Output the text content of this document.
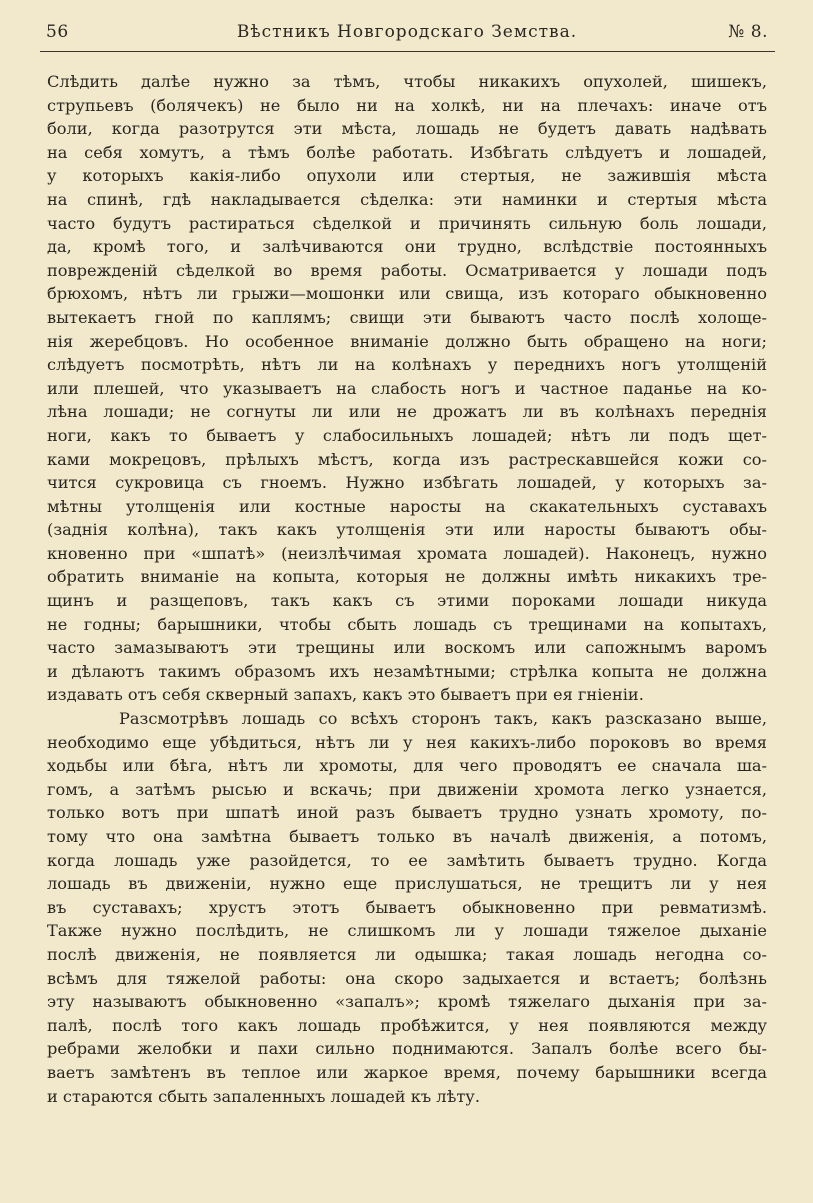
56	Вѣстникъ Новгородскаго Земства.	№ 8.
Слѣдить далѣе нужно за тѣмъ, чтобы никакихъ опухолей, шишекъ,
струпьевъ (болячекъ) не было ни на холкѣ, ни на плечахъ: иначе отъ
боли, когда разотрутся эти мѣста, лошадь не будетъ давать надѣвать
на себя хомутъ, а тѣмъ болѣе работать. Избѣгать слѣдуетъ и лошадей,
у которыхъ какія-либо опухоли или стертыя, не зажившія мѣста
на спинѣ, гдѣ накладывается сѣделка: эти наминки и стертыя мѣста
часто будутъ растираться сѣделкой и причинять сильную боль лошади,
да, кромѣ того, и залѣчиваются они трудно, вслѣдствіе постоянныхъ
поврежденій сѣделкой во время работы. Осматривается у лошади подъ
брюхомъ, нѣтъ ли грыжи—мошонки или свища, изъ котораго обыкновенно
вытекаетъ гной по каплямъ; свищи эти бываютъ часто послѣ холоще-
нія жеребцовъ. Но особенное вниманіе должно быть обращено на ноги;
слѣдуетъ посмотрѣть, нѣтъ ли на колѣнахъ у переднихъ ногъ утолщеній
или плешей, что указываетъ на слабость ногъ и частное паданье на ко-
лѣна лошади; не согнуты ли или не дрожатъ ли въ колѣнахъ переднія
ноги, какъ то бываетъ у слабосильныхъ лошадей; нѣтъ ли подъ щет-
ками мокрецовъ, прѣлыхъ мѣстъ, когда изъ растрескавшейся кожи со-
чится сукровица съ гноемъ. Нужно избѣгать лошадей, у которыхъ за-
мѣтны утолщенія или костные наросты на скакательныхъ суставахъ
(заднія колѣна), такъ какъ утолщенія эти или наросты бываютъ обы-
кновенно при «шпатѣ» (неизлѣчимая хромата лошадей). Наконецъ, нужно
обратить вниманіе на копыта, которыя не должны имѣть никакихъ тре-
щинъ и разщеповъ, такъ какъ съ этими пороками лошади никуда
не годны; барышники, чтобы сбыть лошадь съ трещинами на копытахъ,
часто замазываютъ эти трещины или воскомъ или сапожнымъ варомъ
и дѣлаютъ такимъ образомъ ихъ незамѣтными; стрѣлка копыта не должна
издавать отъ себя скверный запахъ, какъ это бываетъ при ея гніеніи.
Разсмотрѣвъ лошадь со всѣхъ сторонъ такъ, какъ разсказано выше,
необходимо еще убѣдиться, нѣтъ ли у нея какихъ-либо пороковъ во время
ходьбы или бѣга, нѣтъ ли хромоты, для чего проводятъ ее сначала ша-
гомъ, а затѣмъ рысью и вскачь; при движеніи хромота легко узнается,
только вотъ при шпатѣ иной разъ бываетъ трудно узнать хромоту, по-
тому что она замѣтна бываетъ только въ началѣ движенія, а потомъ,
когда лошадь уже разойдется, то ее замѣтить бываетъ трудно. Когда
лошадь въ движеніи, нужно еще прислушаться, не трещитъ ли у нея
въ суставахъ; хрустъ этотъ бываетъ обыкновенно при ревматизмѣ.
Также нужно послѣдить, не слишкомъ ли у лошади тяжелое дыханіе
послѣ движенія, не появляется ли одышка; такая лошадь негодна со-
всѣмъ для тяжелой работы: она скоро задыхается и встаетъ; болѣзнь
эту называютъ обыкновенно «запалъ»; кромѣ тяжелаго дыханія при за-
палѣ, послѣ того какъ лошадь пробѣжится, у нея появляются между
ребрами желобки и пахи сильно поднимаются. Запалъ болѣе всего бы-
ваетъ замѣтенъ въ теплое или жаркое время, почему барышники всегда
и стараются сбыть запаленныхъ лошадей къ лѣту.
